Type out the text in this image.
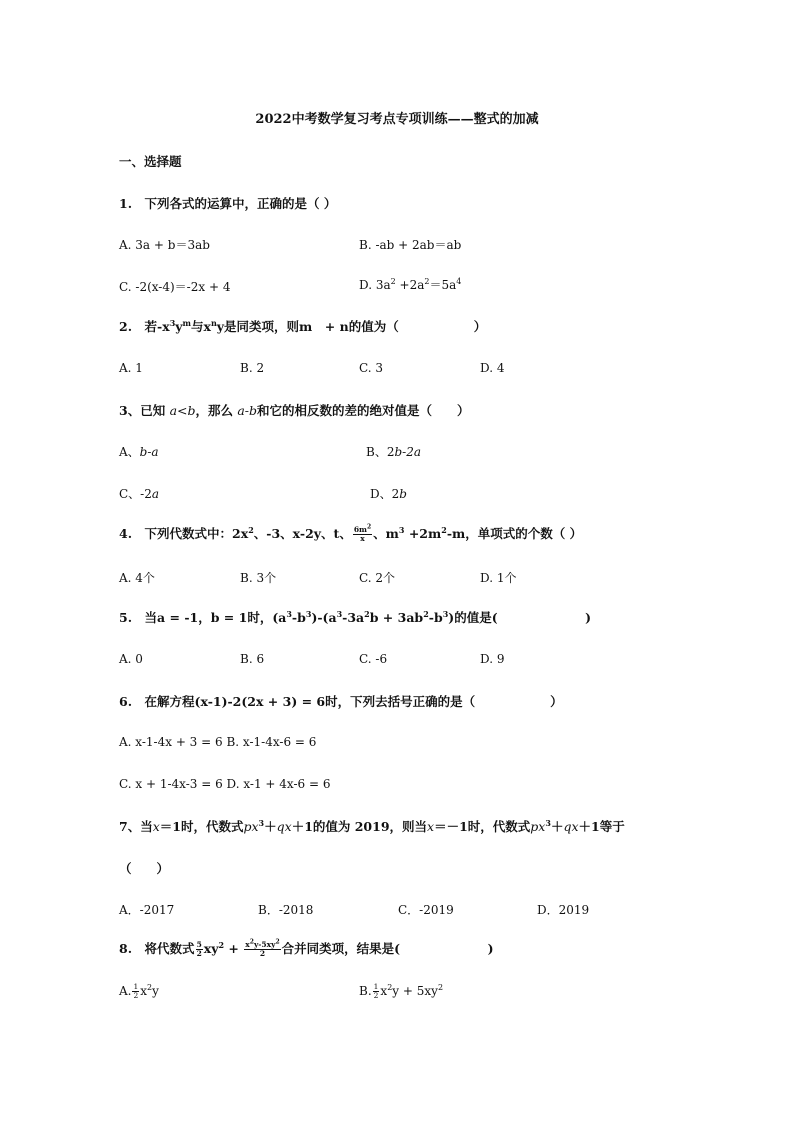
2022中考数学复习考点专项训练——整式的加减
一、选择题
1.　下列各式的运算中，正确的是（ ）
A. 3a + b＝3ab	B. -ab + 2ab＝ab
C. -2(x-4)＝-2x + 4	D. $3a^2 +2a^2=5a^4$
2.　若$-x^3y^m$与$x^ny$是同类项，则m　+ n的值为（　　　　　　）
A. 1	B. 2	C. 3	D. 4
3、已知 a<b，那么 a-b和它的相反数的差的绝对值是（　　）
A、b-a	B、2b-2a
C、-2a	D、2b
4.　下列代数式中：$2x^2$、-3、x-2y、t、 $\frac{6m^2}{x}$ 、$m^3 +2m^2-m$，单项式的个数（ ）
A. 4个	B. 3个	C. 2个	D. 1个
5.　当a = -1，b = 1时，$(a^3-b^3)-(a^3-3a^2b + 3ab^2-b^3)$的值是(　　　　　　　)
A. 0	B. 6	C. -6	D. 9
6.　在解方程(x-1)-2(2x + 3) = 6时，下列去括号正确的是（　　　　　　）
A. x-1-4x + 3 = 6 B. x-1-4x-6 = 6
C. x + 1-4x-3 = 6 D. x-1 + 4x-6 = 6
7、当x＝1时，代数式$px^3+qx+1$的值为 2019，则当x＝－1时，代数式$px^3+qx+1$等于
（　　）
A．-2017	B．-2018	C．-2019	D．2019
8.　将代数式 $\frac{5}{2} xy^2 + \frac{x^2y-5xy^2}{2}$ 合并同类项，结果是(　　　　　　　)
A. $\frac{1}{2} x^2y$	B. $\frac{1}{2} x^2y + 5xy^2$
